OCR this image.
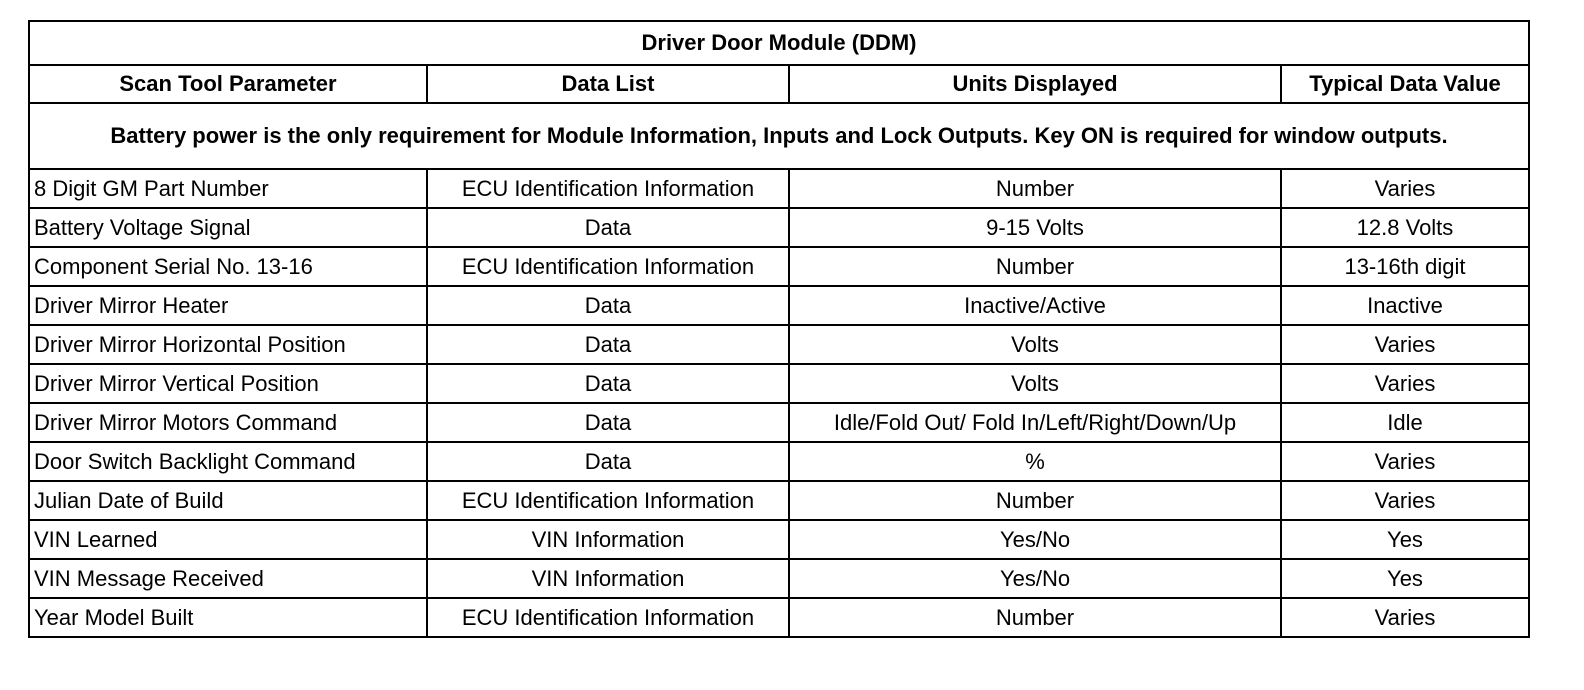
Driver Door Module (DDM)			
Scan Tool Parameter	Data List	Units Displayed	Typical Data Value
Battery power is the only requirement for Module Information, Inputs and Lock Outputs. Key ON is required for window outputs.			
8 Digit GM Part Number	ECU Identification Information	Number	Varies
Battery Voltage Signal	Data	9-15 Volts	12.8 Volts
Component Serial No. 13-16	ECU Identification Information	Number	13-16th digit
Driver Mirror Heater	Data	Inactive/Active	Inactive
Driver Mirror Horizontal Position	Data	Volts	Varies
Driver Mirror Vertical Position	Data	Volts	Varies
Driver Mirror Motors Command	Data	Idle/Fold Out/ Fold In/Left/Right/Down/Up	Idle
Door Switch Backlight Command	Data	%	Varies
Julian Date of Build	ECU Identification Information	Number	Varies
VIN Learned	VIN Information	Yes/No	Yes
VIN Message Received	VIN Information	Yes/No	Yes
Year Model Built	ECU Identification Information	Number	Varies
